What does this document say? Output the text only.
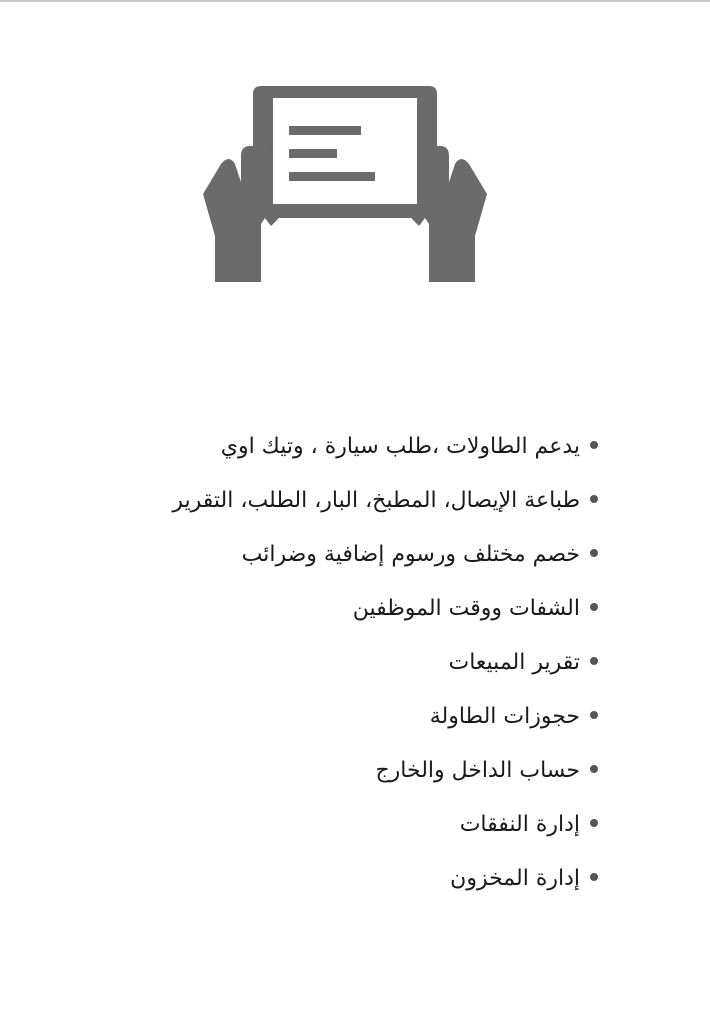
يدعم الطاولات ،طلب سيارة ، وتيك اوي
طباعة الإيصال، المطبخ، البار، الطلب، التقرير
خصم مختلف ورسوم إضافية وضرائب
الشفات ووقت الموظفين
تقرير المبيعات
حجوزات الطاولة
حساب الداخل والخارج
إدارة النفقات
إدارة المخزون
